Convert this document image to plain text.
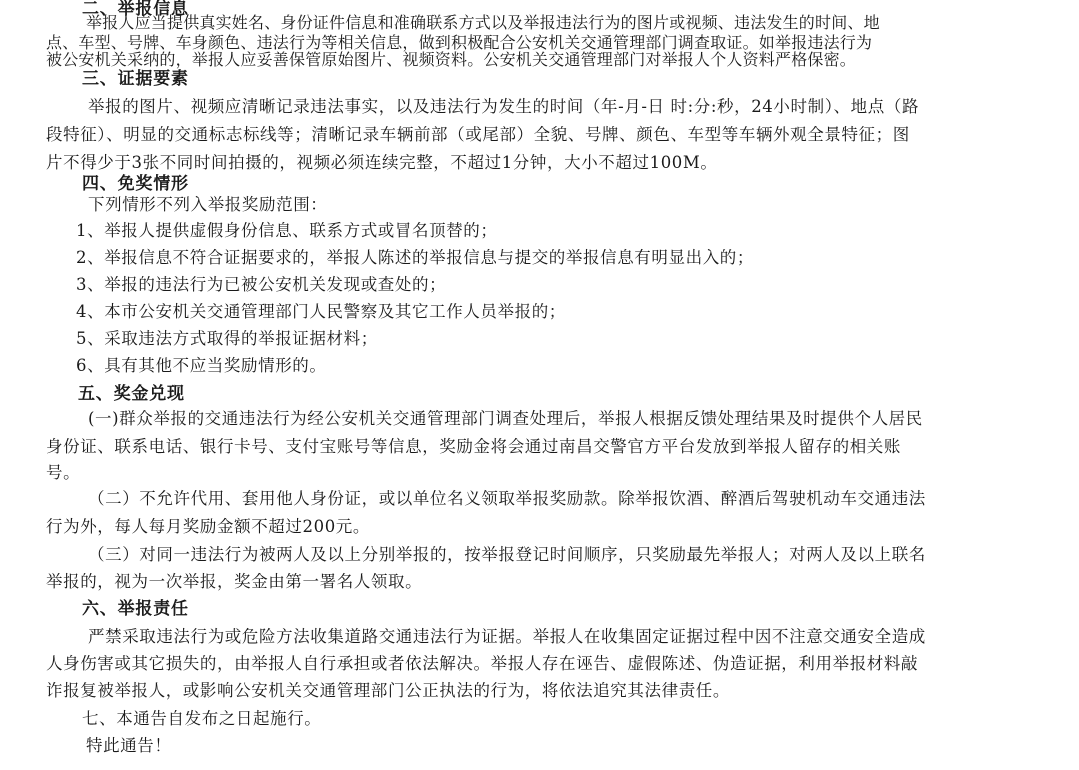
二、举报信息
举报人应当提供真实姓名、身份证件信息和准确联系方式以及举报违法行为的图片或视频、违法发生的时间、地
点、车型、号牌、车身颜色、违法行为等相关信息，做到积极配合公安机关交通管理部门调查取证。如举报违法行为
被公安机关采纳的，举报人应妥善保管原始图片、视频资料。公安机关交通管理部门对举报人个人资料严格保密。
三、证据要素
举报的图片、视频应清晰记录违法事实，以及违法行为发生的时间（年-月-日 时:分:秒，24小时制）、地点（路
段特征）、明显的交通标志标线等；清晰记录车辆前部（或尾部）全貌、号牌、颜色、车型等车辆外观全景特征；图
片不得少于3张不同时间拍摄的，视频必须连续完整，不超过1分钟，大小不超过100M。
四、免奖情形
下列情形不列入举报奖励范围：
1、举报人提供虚假身份信息、联系方式或冒名顶替的；
2、举报信息不符合证据要求的，举报人陈述的举报信息与提交的举报信息有明显出入的；
3、举报的违法行为已被公安机关发现或查处的；
4、本市公安机关交通管理部门人民警察及其它工作人员举报的；
5、采取违法方式取得的举报证据材料；
6、具有其他不应当奖励情形的。
五、奖金兑现
(一)群众举报的交通违法行为经公安机关交通管理部门调查处理后，举报人根据反馈处理结果及时提供个人居民
身份证、联系电话、银行卡号、支付宝账号等信息，奖励金将会通过南昌交警官方平台发放到举报人留存的相关账
号。
（二）不允许代用、套用他人身份证，或以单位名义领取举报奖励款。除举报饮酒、醉酒后驾驶机动车交通违法
行为外，每人每月奖励金额不超过200元。
（三）对同一违法行为被两人及以上分别举报的，按举报登记时间顺序，只奖励最先举报人；对两人及以上联名
举报的，视为一次举报，奖金由第一署名人领取。
六、举报责任
严禁采取违法行为或危险方法收集道路交通违法行为证据。举报人在收集固定证据过程中因不注意交通安全造成
人身伤害或其它损失的，由举报人自行承担或者依法解决。举报人存在诬告、虚假陈述、伪造证据，利用举报材料敲
诈报复被举报人，或影响公安机关交通管理部门公正执法的行为，将依法追究其法律责任。
七、本通告自发布之日起施行。
特此通告！
